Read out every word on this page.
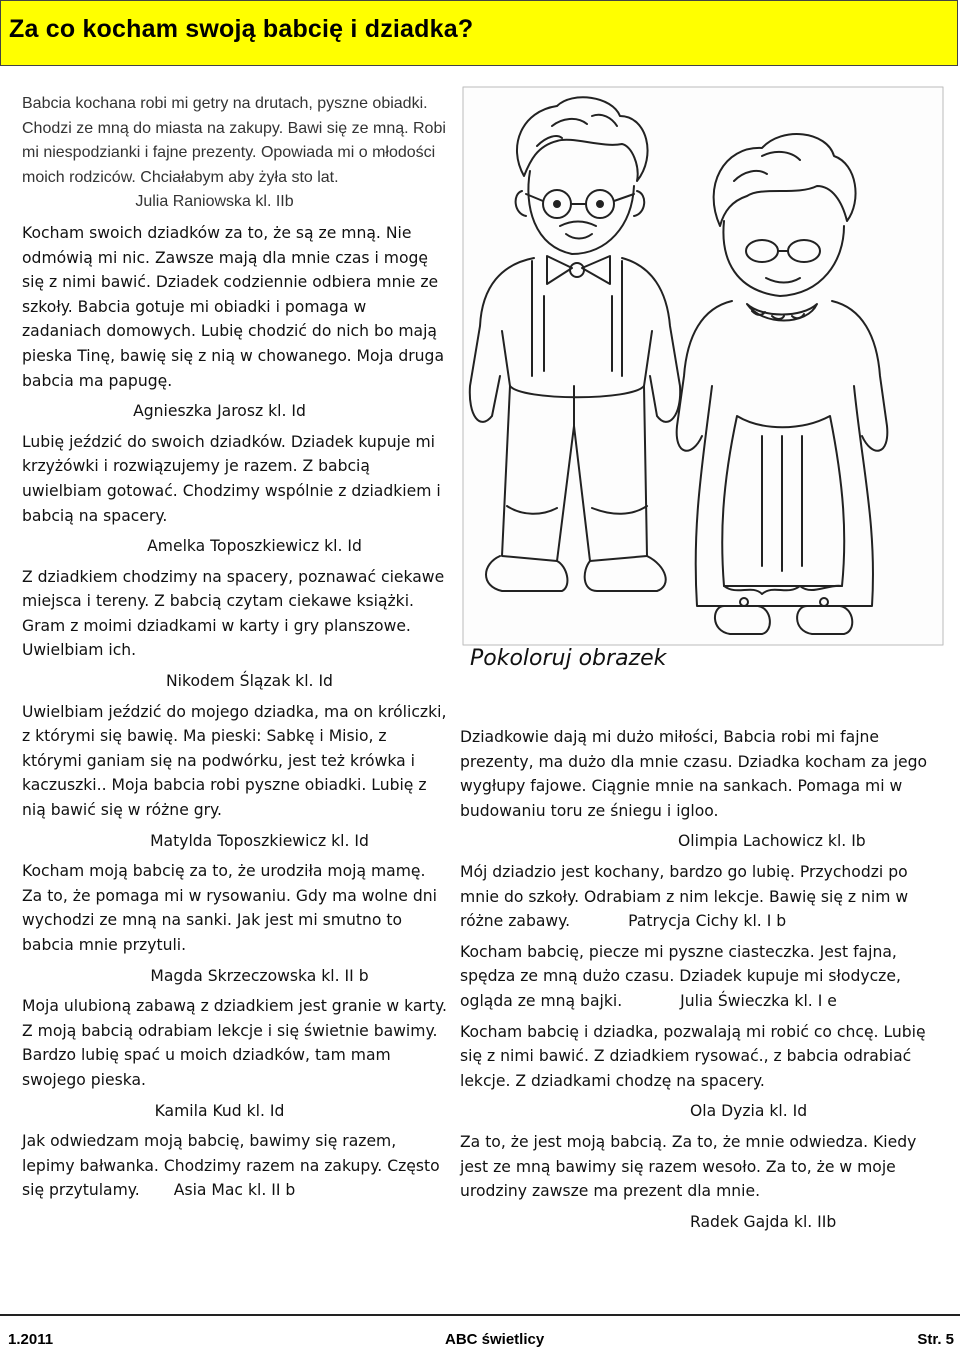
Za co kocham swoją babcię i dziadka?

Babcia kochana robi mi getry na drutach, pyszne obiadki. Chodzi ze mną do miasta na zakupy. Bawi się ze mną. Robi mi niespodzianki i fajne prezenty. Opowiada mi o młodości moich rodziców. Chciałabym aby żyła sto lat.

Julia Raniowska kl. IIb

Kocham swoich dziadków za to, że są ze mną. Nie odmówią mi nic. Zawsze mają dla mnie czas i mogę się z nimi bawić. Dziadek codziennie odbiera mnie ze szkoły. Babcia gotuje mi obiadki i pomaga w zadaniach domowych. Lubię chodzić do nich bo mają pieska Tinę, bawię się z nią w chowanego. Moja druga babcia ma papugę.

Agnieszka Jarosz kl. Id

Lubię jeździć do swoich dziadków. Dziadek kupuje mi krzyżówki i rozwiązujemy je razem. Z babcią uwielbiam gotować. Chodzimy wspólnie z dziadkiem i babcią na spacery.

Amelka Toposzkiewicz kl. Id

Z dziadkiem chodzimy na spacery, poznawać ciekawe miejsca i tereny. Z babcią czytam ciekawe książki. Gram z moimi dziadkami w karty i gry planszowe. Uwielbiam ich.

Nikodem Ślązak kl. Id

Uwielbiam jeździć do mojego dziadka, ma on króliczki, z którymi się bawię. Ma pieski: Sabkę i Misio, z którymi ganiam się na podwórku, jest też krówka i kaczuszki.. Moja babcia robi pyszne obiadki. Lubię z nią bawić się w różne gry.

Matylda Toposzkiewicz kl. Id

Kocham moją babcię za to, że urodziła moją mamę. Za to, że pomaga mi w rysowaniu. Gdy ma wolne dni wychodzi ze mną na sanki. Jak jest mi smutno to babcia mnie przytuli.

Magda Skrzeczowska kl. II b

Moja ulubioną zabawą z dziadkiem jest granie w karty. Z moją babcią odrabiam lekcje i się świetnie bawimy. Bardzo lubię spać u moich dziadków, tam mam swojego pieska.

Kamila Kud kl. Id

Jak odwiedzam moją babcię, bawimy się razem, lepimy bałwanka. Chodzimy razem na zakupy. Często się przytulamy. Asia Mac kl. II b

Pokoloruj obrazek

Dziadkowie dają mi dużo miłości, Babcia robi mi fajne prezenty, ma dużo dla mnie czasu. Dziadka kocham za jego wygłupy fajowe. Ciągnie mnie na sankach. Pomaga mi w budowaniu toru ze śniegu i igloo.

Olimpia Lachowicz kl. Ib

Mój dziadzio jest kochany, bardzo go lubię. Przychodzi po mnie do szkoły. Odrabiam z nim lekcje. Bawię się z nim w różne zabawy.	Patrycja Cichy kl. I b

Kocham babcię, piecze mi pyszne ciasteczka. Jest fajna, spędza ze mną dużo czasu. Dziadek kupuje mi słodycze, ogląda ze mną bajki.	Julia Świeczka kl. I e

Kocham babcię i dziadka, pozwalają mi robić co chcę. Lubię się z nimi bawić. Z dziadkiem rysować., z babcia odrabiać lekcje. Z dziadkami chodzę na spacery.

Ola Dyzia kl. Id

Za to, że jest moją babcią. Za to, że mnie odwiedza. Kiedy jest ze mną bawimy się razem wesoło. Za to, że w moje urodziny zawsze ma prezent dla mnie.

Radek Gajda kl. IIb
1.2011	ABC świetlicy	Str. 5
